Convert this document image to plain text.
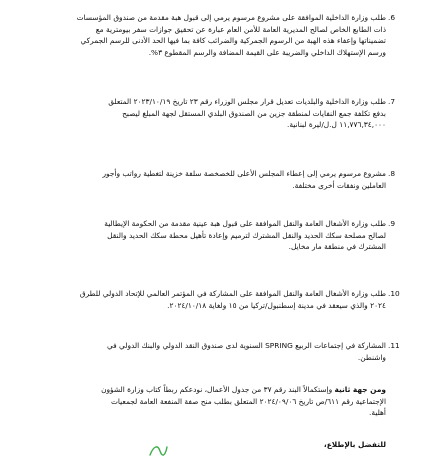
.6
طلب وزارة الداخلية الموافقة على مشروع مرسوم يرمي إلى قبول هبة مقدمة من صندوق المؤسسات
ذات الطابع الخاص لصالح المديرية العامة للأمن العام عبارة عن تحقيق جوازات سفر بيومترية مع
تضميناتها وإعفاء هذه الهبة من الرسوم الجمركية والضرائب كافة بما فيها الحد الأدنى للرسم الجمركي
ورسم الإستهلاك الداخلي والضريبة على القيمة المضافة والرسم المقطوع ٣%.
.7
طلب وزارة الداخلية والبلديات تعديل قرار مجلس الوزراء رقم ٢٣ تاريخ ٢٠٢٣/١٠/١٩ المتعلق
بدفع تكلفة جمع النفايات لمنطقة جزين من الصندوق البلدي المستقل لجهة المبلغ ليصبح
١١,٧٧٦,٣٤,٠٠٠ ل.ل/ليرة لبنانية.
.8
مشروع مرسوم يرمي إلى إعطاء المجلس الأعلى للخصخصة سلفة خزينة لتغطية رواتب وأجور
العاملين ونفقات أخرى مختلفة.
.9
طلب وزارة الأشغال العامة والنقل الموافقة على قبول هبة عينية مقدمة من الحكومة الإيطالية
لصالح مصلحة سكك الحديد والنقل المشترك لترميم وإعادة تأهيل محطة سكك الحديد والنقل
المشترك في منطقة مار مخايل.
.10
طلب وزارة الأشغال العامة والنقل الموافقة على المشاركة في المؤتمر العالمي للإتحاد الدولي للطرق
٢٠٢٤ والذي سيعقد في مدينة إسطنبول/تركيا من ١٥ ولغاية ٢٠٢٤/١٠/١٨.
.11
المشاركة في إجتماعات الربيع SPRING السنوية لدى صندوق النقد الدولي والبنك الدولي في
واشنطن.
ومن جهة ثانية وإستكمالاً البند رقم ٣٧ من جدول الأعمال، نودعكم ربطاً كتاب وزارة الشؤون
الإجتماعية رقم ٦١١/ص تاريخ ٢٠٢٤/٠٩/٠٦ المتعلق بطلب منح صفة المنفعة العامة لجمعيات
أهلية.
للتفضل بالإطلاع،
